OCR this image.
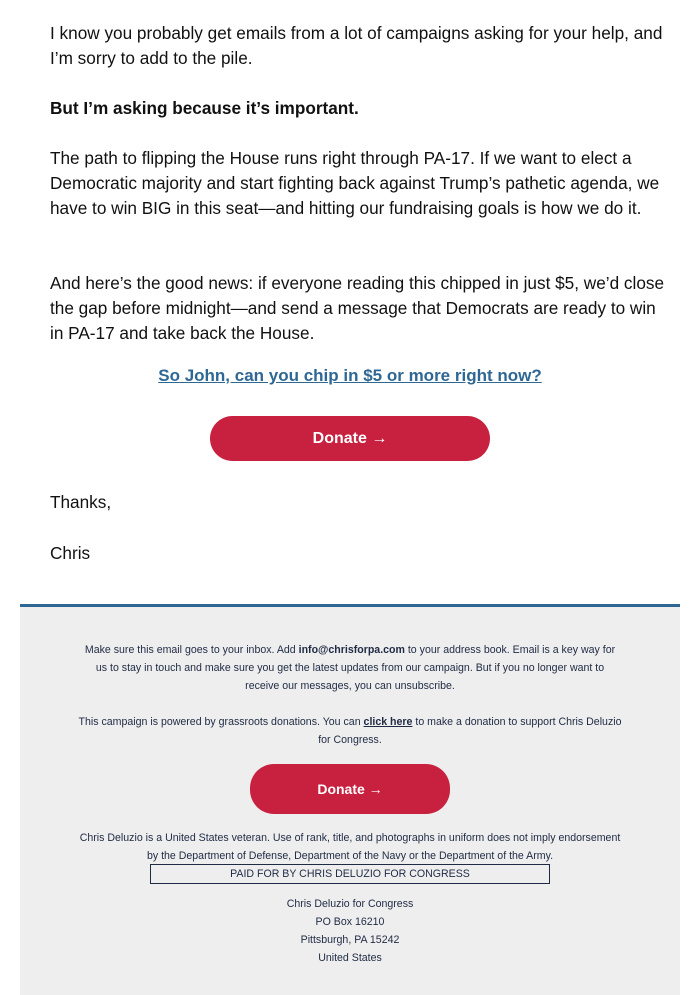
I know you probably get emails from a lot of campaigns asking for your help, and I’m sorry to add to the pile.

But I’m asking because it’s important.

The path to flipping the House runs right through PA-17. If we want to elect a Democratic majority and start fighting back against Trump’s pathetic agenda, we have to win BIG in this seat—and hitting our fundraising goals is how we do it.

And here’s the good news: if everyone reading this chipped in just $5, we’d close the gap before midnight—and send a message that Democrats are ready to win in PA-17 and take back the House.

So John, can you chip in $5 or more right now?
Donate →
Thanks,
Chris

Make sure this email goes to your inbox. Add info@chrisforpa.com to your address book. Email is a key way for us to stay in touch and make sure you get the latest updates from our campaign. But if you no longer want to receive our messages, you can unsubscribe.

This campaign is powered by grassroots donations. You can click here to make a donation to support Chris Deluzio for Congress.

Donate →

Chris Deluzio is a United States veteran. Use of rank, title, and photographs in uniform does not imply endorsement by the Department of Defense, Department of the Navy or the Department of the Army.

PAID FOR BY CHRIS DELUZIO FOR CONGRESS
Chris Deluzio for Congress
PO Box 16210
Pittsburgh, PA 15242
United States
